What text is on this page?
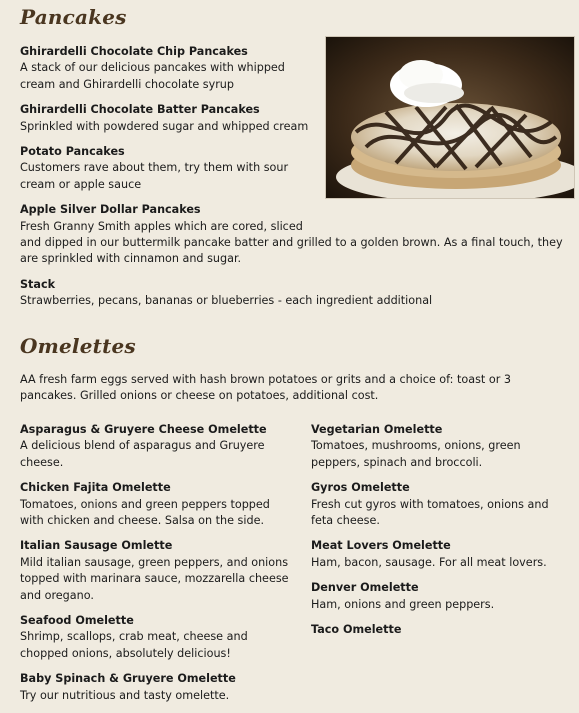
Pancakes
Ghirardelli Chocolate Chip Pancakes
A stack of our delicious pancakes with whipped cream and Ghirardelli chocolate syrup
Ghirardelli Chocolate Batter Pancakes
Sprinkled with powdered sugar and whipped cream
Potato Pancakes
Customers rave about them, try them with sour cream or apple sauce
Apple Silver Dollar Pancakes
Fresh Granny Smith apples which are cored, sliced
and dipped in our buttermilk pancake batter and grilled to a golden brown. As a final touch, they are sprinkled with cinnamon and sugar.
Stack
Strawberries, pecans, bananas or blueberries - each ingredient additional
Omelettes
AA fresh farm eggs served with hash brown potatoes or grits and a choice of: toast or 3 pancakes. Grilled onions or cheese on potatoes, additional cost.
Asparagus & Gruyere Cheese Omelette
A delicious blend of asparagus and Gruyere cheese.
Chicken Fajita Omelette
Tomatoes, onions and green peppers topped with chicken and cheese. Salsa on the side.
Italian Sausage Omlette
Mild italian sausage, green peppers, and onions topped with marinara sauce, mozzarella cheese and oregano.
Seafood Omelette
Shrimp, scallops, crab meat, cheese and chopped onions, absolutely delicious!
Baby Spinach & Gruyere Omelette
Try our nutritious and tasty omelette.
Vegetarian Omelette
Tomatoes, mushrooms, onions, green peppers, spinach and broccoli.
Gyros Omelette
Fresh cut gyros with tomatoes, onions and feta cheese.
Meat Lovers Omelette
Ham, bacon, sausage. For all meat lovers.
Denver Omelette
Ham, onions and green peppers.
Taco Omelette
